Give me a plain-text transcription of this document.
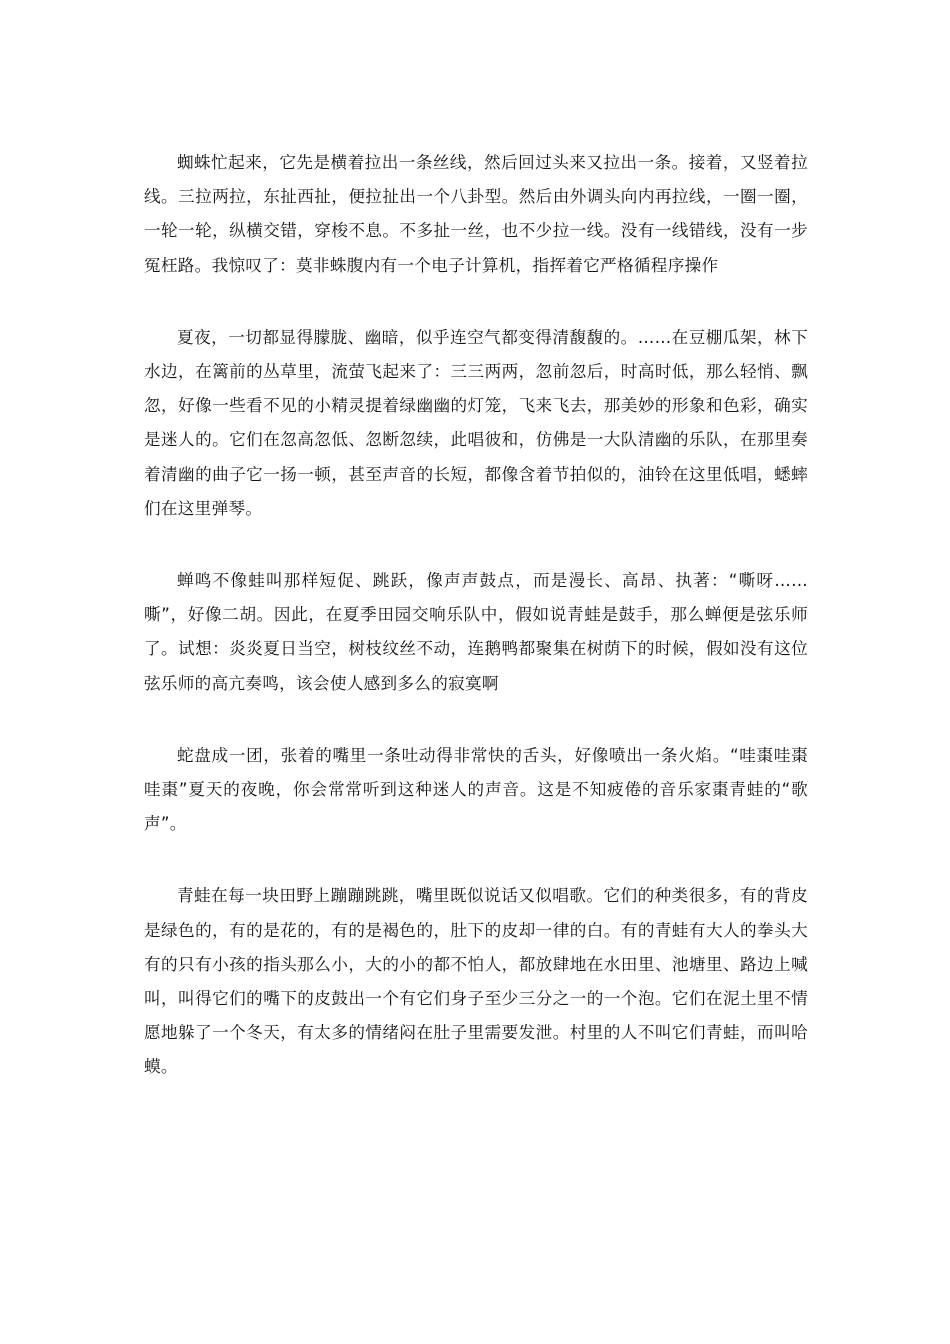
蜘蛛忙起来，它先是横着拉出一条丝线，然后回过头来又拉出一条。接着，又竖着拉线。三拉两拉，东扯西扯，便拉扯出一个八卦型。然后由外调头向内再拉线，一圈一圈，一轮一轮，纵横交错，穿梭不息。不多扯一丝，也不少拉一线。没有一线错线，没有一步冤枉路。我惊叹了：莫非蛛腹内有一个电子计算机，指挥着它严格循程序操作

夏夜，一切都显得朦胧、幽暗，似乎连空气都变得清馥馥的。……在豆棚瓜架，林下水边，在篱前的丛草里，流萤飞起来了：三三两两，忽前忽后，时高时低，那么轻悄、飘忽，好像一些看不见的小精灵提着绿幽幽的灯笼，飞来飞去，那美妙的形象和色彩，确实是迷人的。它们在忽高忽低、忽断忽续，此唱彼和，仿佛是一大队清幽的乐队，在那里奏着清幽的曲子它一扬一顿，甚至声音的长短，都像含着节拍似的，油铃在这里低唱，蟋蟀们在这里弹琴。

蝉鸣不像蛙叫那样短促、跳跃，像声声鼓点，而是漫长、高昂、执著：“嘶呀……嘶”，好像二胡。因此，在夏季田园交响乐队中，假如说青蛙是鼓手，那么蝉便是弦乐师了。试想：炎炎夏日当空，树枝纹丝不动，连鹅鸭都聚集在树荫下的时候，假如没有这位弦乐师的高亢奏鸣，该会使人感到多么的寂寞啊

蛇盘成一团，张着的嘴里一条吐动得非常快的舌头，好像喷出一条火焰。“哇棗哇棗哇棗”夏天的夜晚，你会常常听到这种迷人的声音。这是不知疲倦的音乐家棗青蛙的“歌声”。

青蛙在每一块田野上蹦蹦跳跳，嘴里既似说话又似唱歌。它们的种类很多，有的背皮是绿色的，有的是花的，有的是褐色的，肚下的皮却一律的白。有的青蛙有大人的拳头大有的只有小孩的指头那么小，大的小的都不怕人，都放肆地在水田里、池塘里、路边上喊叫，叫得它们的嘴下的皮鼓出一个有它们身子至少三分之一的一个泡。它们在泥土里不情愿地躲了一个冬天，有太多的情绪闷在肚子里需要发泄。村里的人不叫它们青蛙，而叫哈蟆。
